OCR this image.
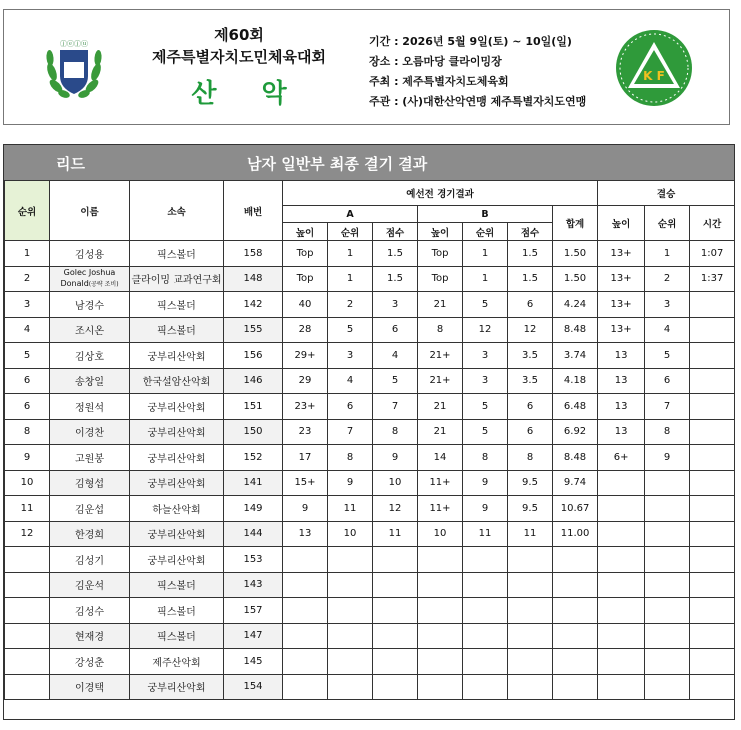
ⓙⓔⓙⓤ	제60회
제주특별자치도민체육대회
산 악
기간 : 2026년 5월 9일(토) ~ 10일(일)
장소 : 오름마당 클라이밍장
주최 : 제주특별자치도체육회
주관 : (사)대한산악연맹 제주특별자치도연맹
K F
리드	남자 일반부 최종 결기 결과
순위	이름	소속	배번	예선전 경기결과							결승		
				A			B			합계	높이	순위	시간
				높이	순위	점수	높이	순위	점수				
1	김성용	픽스볼더	158	Top	1	1.5	Top	1	1.5	1.50	13+	1	1:07
2	Golec Joshua Donald(공략 조비)	클라이밍 교과연구회	148	Top	1	1.5	Top	1	1.5	1.50	13+	2	1:37
3	남경수	픽스볼더	142	40	2	3	21	5	6	4.24	13+	3	
4	조시온	픽스볼더	155	28	5	6	8	12	12	8.48	13+	4	
5	김상호	궁부리산악회	156	29+	3	4	21+	3	3.5	3.74	13	5	
6	송창일	한국설암산악회	146	29	4	5	21+	3	3.5	4.18	13	6	
6	정원석	궁부리산악회	151	23+	6	7	21	5	6	6.48	13	7	
8	이경찬	궁부리산악회	150	23	7	8	21	5	6	6.92	13	8	
9	고원봉	궁부리산악회	152	17	8	9	14	8	8	8.48	6+	9	
10	김형섭	궁부리산악회	141	15+	9	10	11+	9	9.5	9.74			
11	김운섭	하늘산악회	149	9	11	12	11+	9	9.5	10.67			
12	한경희	궁부리산악회	144	13	10	11	10	11	11	11.00			
	김성기	궁부리산악회	153										
	김운석	픽스볼더	143										
	김성수	픽스볼더	157										
	현재경	픽스볼더	147										
	강성춘	제주산악회	145										
	이경택	궁부리산악회	154										
